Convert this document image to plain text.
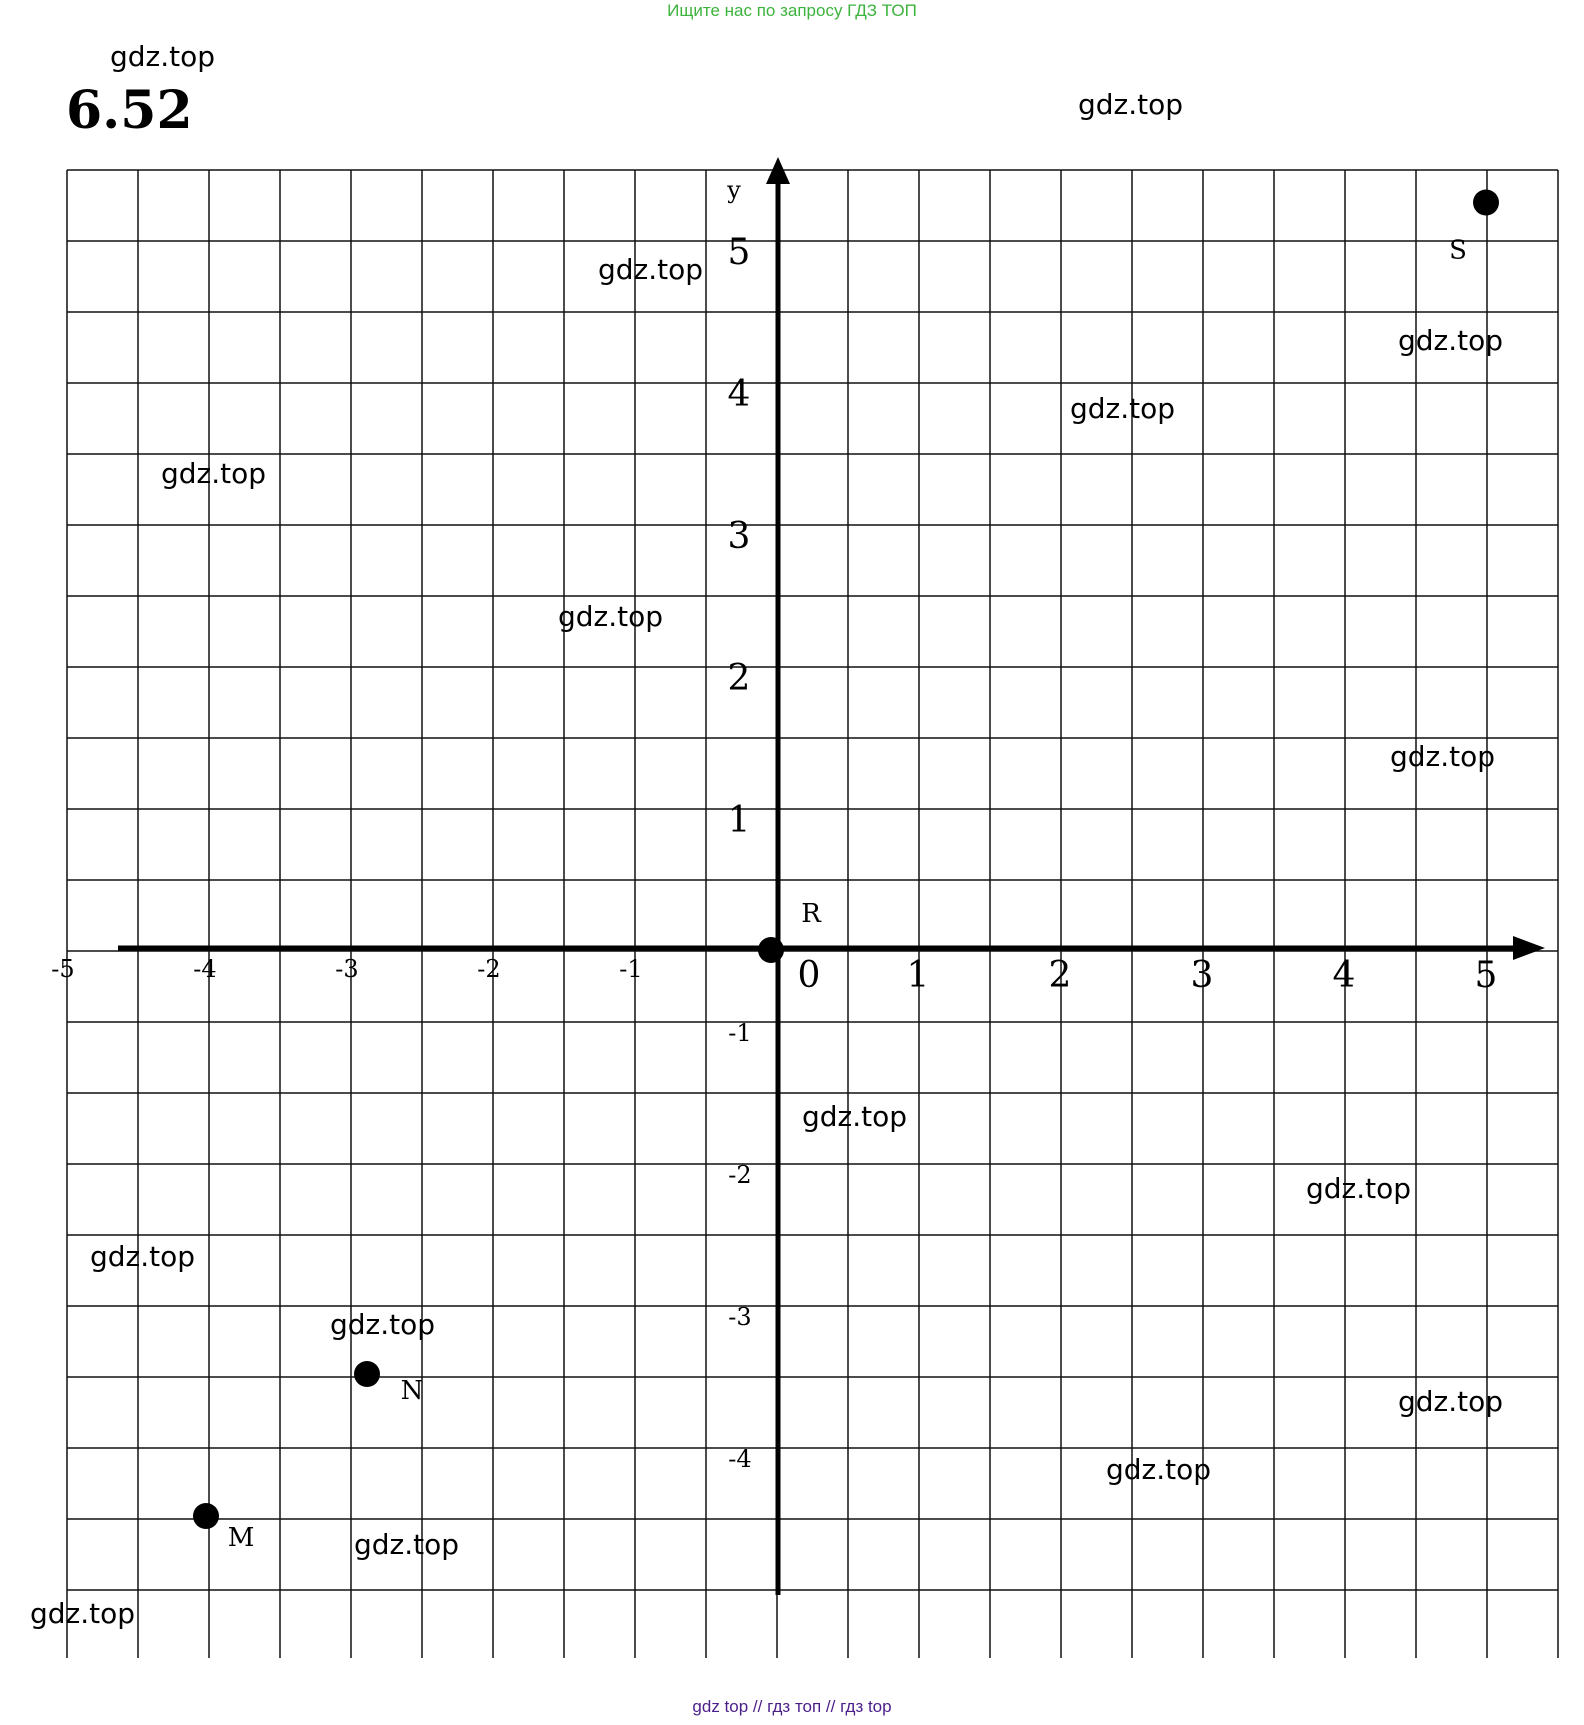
Ищите нас по запросу ГДЗ ТОП
6.52
y
0
-5	-4	-3	-2	-1	1	2	3	4	5
5
4
3
2
1
-1
-2
-3
-4
S
R
N
M
gdz.top
gdz.top
gdz.top
gdz.top
gdz.top
gdz.top
gdz.top
gdz.top
gdz.top
gdz.top
gdz.top
gdz.top
gdz.top
gdz.top
gdz.top
gdz.top
gdz top // гдз топ // гдз top
